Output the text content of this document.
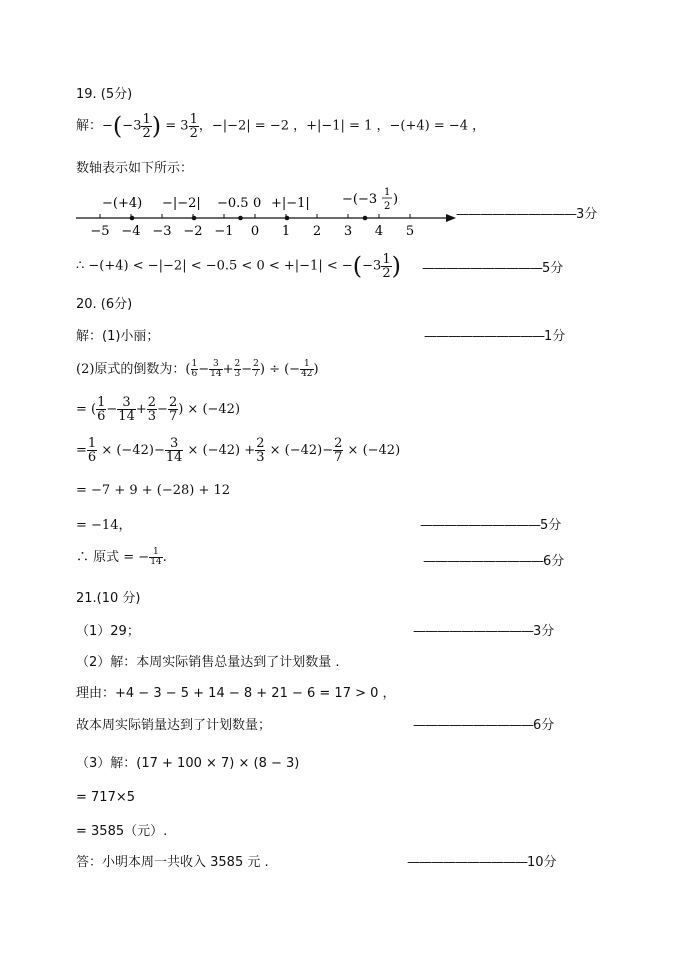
19. (5分)
解：$-(-3 \frac{1}{2}$ ) = $3 \frac{1}{2}$ ，−|−2| = −2 ，+|−1| = 1 ，−(+4) = −4 ，
数轴表示如下所示：
−5 −4 −3 −2 −1 0 1 2 3 4 5
−(+4) −|−2| −0.5 0 +|−1| −(−3 1
2 )
——————————3分
∴ $-(+4) < -|-2| < -0.5 < 0 < +|-1| < -(-3 \frac{1}{2}$ ) ——————————5分
20. (6分)
解：(1)小丽；	——————————1分
(2)原式的倒数为：( $\frac{1}{6} - \frac{3}{14} + \frac{2}{3} - \frac{2}{7}$ ) ÷ (− $\frac{1}{42}$ )
= ( $\frac{1}{6} - \frac{3}{14} + \frac{2}{3} - \frac{2}{7}$ ) × (−42)
= $\frac{1}{6} \times (-42)- \frac{3}{14} \times (-42) + \frac{2}{3} \times (-42)- \frac{2}{7} \times (-42)$
= −7 + 9 + (−28) + 12
= −14，	——————————5分
∴ 原式 = − $\frac{1}{14}$ .	——————————6分
21.(10 分)
（1）29；	——————————3分
（2）解：本周实际销售总量达到了计划数量 .
理由：+4 − 3 − 5 + 14 − 8 + 21 − 6 = 17 > 0 ，
故本周实际销量达到了计划数量；	——————————6分
（3）解：(17 + 100 × 7) × (8 − 3)
= 717×5
= 3585（元）.
答：小明本周一共收入 3585 元 .	——————————10分
